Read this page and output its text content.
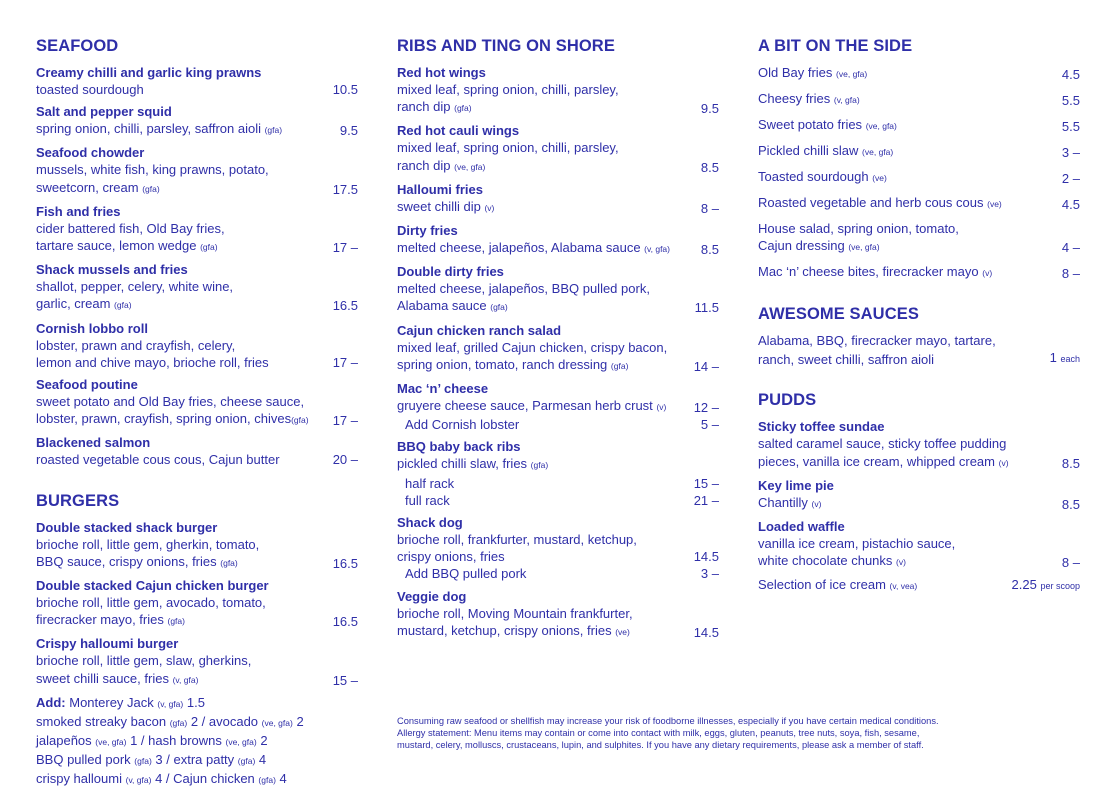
SEAFOOD
Creamy chilli and garlic king prawns
toasted sourdough	10.5
Salt and pepper squid
spring onion, chilli, parsley, saffron aioli (gfa)	9.5
Seafood chowder
mussels, white fish, king prawns, potato,
sweetcorn, cream (gfa)	17.5
Fish and fries
cider battered fish, Old Bay fries,
tartare sauce, lemon wedge (gfa)	17 –
Shack mussels and fries
shallot, pepper, celery, white wine,
garlic, cream (gfa)	16.5
Cornish lobbo roll
lobster, prawn and crayfish, celery,
lemon and chive mayo, brioche roll, fries	17 –
Seafood poutine
sweet potato and Old Bay fries, cheese sauce,
lobster, prawn, crayfish, spring onion, chives(gfa)	17 –
Blackened salmon
roasted vegetable cous cous, Cajun butter	20 –
BURGERS
Double stacked shack burger
brioche roll, little gem, gherkin, tomato,
BBQ sauce, crispy onions, fries (gfa)	16.5
Double stacked Cajun chicken burger
brioche roll, little gem, avocado, tomato,
firecracker mayo, fries (gfa)	16.5
Crispy halloumi burger
brioche roll, little gem, slaw, gherkins,
sweet chilli sauce, fries (v, gfa)	15 –
Add: Monterey Jack (v, gfa) 1.5
smoked streaky bacon (gfa) 2 / avocado (ve, gfa) 2
jalapeños (ve, gfa) 1 / hash browns (ve, gfa) 2
BBQ pulled pork (gfa) 3 / extra patty (gfa) 4
crispy halloumi (v, gfa) 4 / Cajun chicken (gfa) 4
RIBS AND TING ON SHORE
Red hot wings
mixed leaf, spring onion, chilli, parsley,
ranch dip (gfa)	9.5
Red hot cauli wings
mixed leaf, spring onion, chilli, parsley,
ranch dip (ve, gfa)	8.5
Halloumi fries
sweet chilli dip (v)	8 –
Dirty fries
melted cheese, jalapeños, Alabama sauce (v, gfa)	8.5
Double dirty fries
melted cheese, jalapeños, BBQ pulled pork,
Alabama sauce (gfa)	11.5
Cajun chicken ranch salad
mixed leaf, grilled Cajun chicken, crispy bacon,
spring onion, tomato, ranch dressing (gfa)	14 –
Mac ‘n’ cheese
gruyere cheese sauce, Parmesan herb crust (v)	12 –
Add Cornish lobster	5 –
BBQ baby back ribs
pickled chilli slaw, fries (gfa)
half rack	15 –
full rack	21 –
Shack dog
brioche roll, frankfurter, mustard, ketchup,
crispy onions, fries	14.5
Add BBQ pulled pork	3 –
Veggie dog
brioche roll, Moving Mountain frankfurter,
mustard, ketchup, crispy onions, fries (ve)	14.5
A BIT ON THE SIDE
Old Bay fries (ve, gfa)	4.5
Cheesy fries (v, gfa)	5.5
Sweet potato fries (ve, gfa)	5.5
Pickled chilli slaw (ve, gfa)	3 –
Toasted sourdough (ve)	2 –
Roasted vegetable and herb cous cous (ve)	4.5
House salad, spring onion, tomato,
Cajun dressing (ve, gfa)	4 –
Mac ‘n’ cheese bites, firecracker mayo (v)	8 –
AWESOME SAUCES
Alabama, BBQ, firecracker mayo, tartare,
ranch, sweet chilli, saffron aioli	1 each
PUDDS
Sticky toffee sundae
salted caramel sauce, sticky toffee pudding
pieces, vanilla ice cream, whipped cream (v)	8.5
Key lime pie
Chantilly (v)	8.5
Loaded waffle
vanilla ice cream, pistachio sauce,
white chocolate chunks (v)	8 –
Selection of ice cream (v, vea)	2.25 per scoop
Consuming raw seafood or shellfish may increase your risk of foodborne illnesses, especially if you have certain medical conditions.
Allergy statement: Menu items may contain or come into contact with milk, eggs, gluten, peanuts, tree nuts, soya, fish, sesame,
mustard, celery, molluscs, crustaceans, lupin, and sulphites. If you have any dietary requirements, please ask a member of staff.
